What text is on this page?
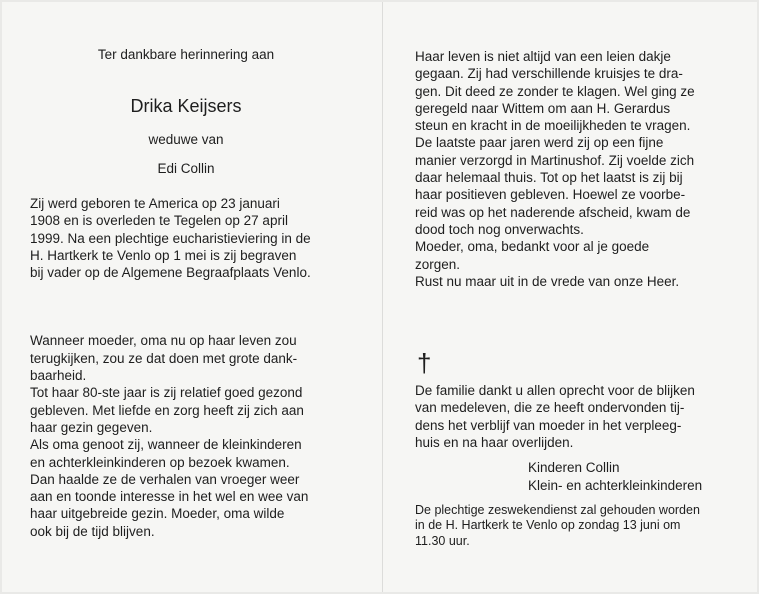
Ter dankbare herinnering aan

Drika Keijsers

weduwe van

Edi Collin

Zij werd geboren te America op 23 januari
1908 en is overleden te Tegelen op 27 april
1999. Na een plechtige eucharistieviering in de
H. Hartkerk te Venlo op 1 mei is zij begraven
bij vader op de Algemene Begraafplaats Venlo.

Wanneer moeder, oma nu op haar leven zou
terugkijken, zou ze dat doen met grote dank-
baarheid.
Tot haar 80-ste jaar is zij relatief goed gezond
gebleven. Met liefde en zorg heeft zij zich aan
haar gezin gegeven.
Als oma genoot zij, wanneer de kleinkinderen
en achterkleinkinderen op bezoek kwamen.
Dan haalde ze de verhalen van vroeger weer
aan en toonde interesse in het wel en wee van
haar uitgebreide gezin. Moeder, oma wilde
ook bij de tijd blijven.

Haar leven is niet altijd van een leien dakje
gegaan. Zij had verschillende kruisjes te dra-
gen. Dit deed ze zonder te klagen. Wel ging ze
geregeld naar Wittem om aan H. Gerardus
steun en kracht in de moeilijkheden te vragen.
De laatste paar jaren werd zij op een fijne
manier verzorgd in Martinushof. Zij voelde zich
daar helemaal thuis. Tot op het laatst is zij bij
haar positieven gebleven. Hoewel ze voorbe-
reid was op het naderende afscheid, kwam de
dood toch nog onverwachts.

Moeder, oma, bedankt voor al je goede
zorgen.
Rust nu maar uit in de vrede van onze Heer.

†

De familie dankt u allen oprecht voor de blijken
van medeleven, die ze heeft ondervonden tij-
dens het verblijf van moeder in het verpleeg-
huis en na haar overlijden.

Kinderen Collin
Klein- en achterkleinkinderen

De plechtige zeswekendienst zal gehouden worden
in de H. Hartkerk te Venlo op zondag 13 juni om
11.30 uur.
